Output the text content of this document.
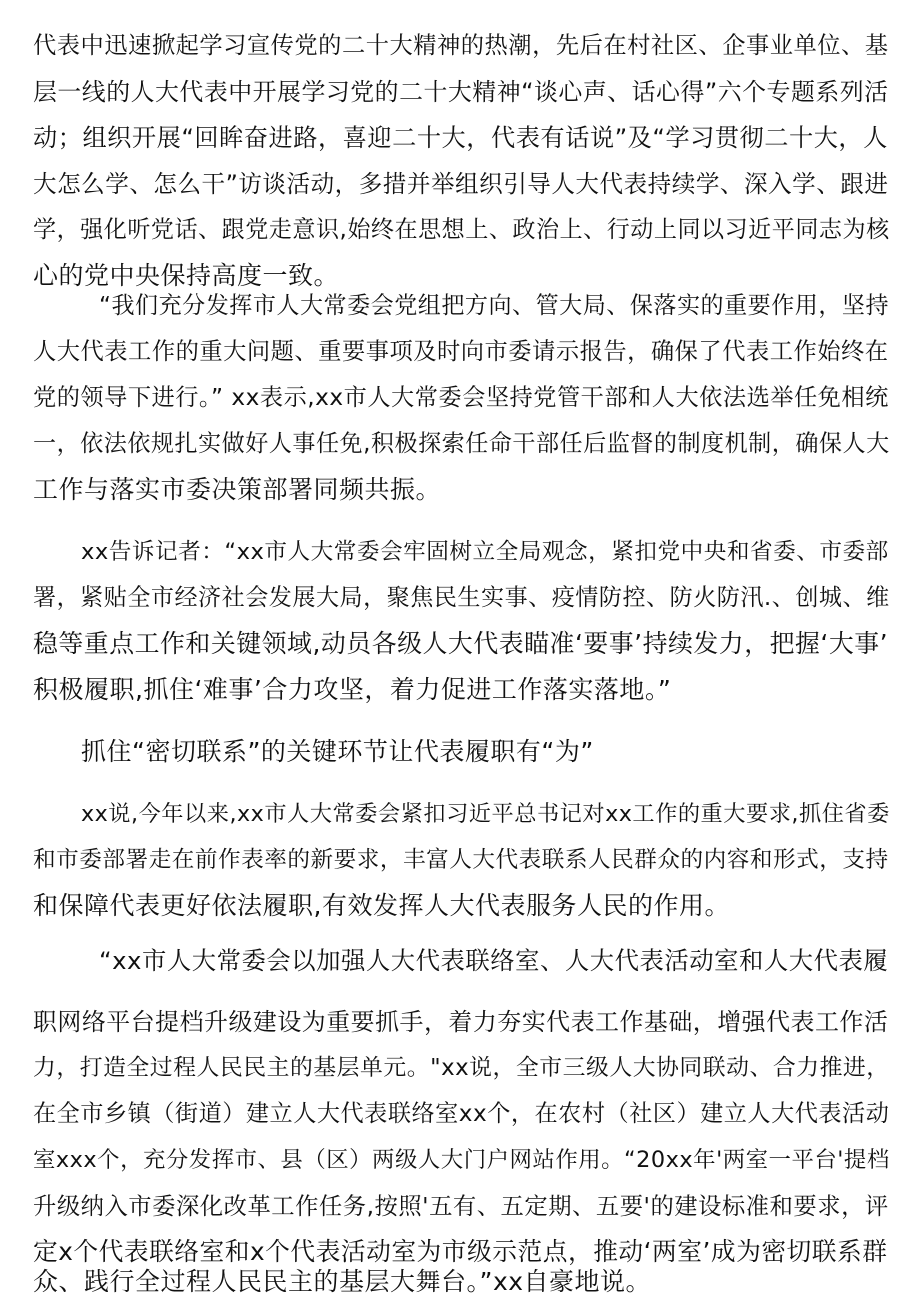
代表中迅速掀起学习宣传党的二十大精神的热潮，先后在村社区、企事业单位、基
层一线的人大代表中开展学习党的二十大精神“谈心声、话心得”六个专题系列活
动；组织开展“回眸奋进路，喜迎二十大，代表有话说”及“学习贯彻二十大，人
大怎么学、怎么干”访谈活动，多措并举组织引导人大代表持续学、深入学、跟进
学，强化听党话、跟党走意识,始终在思想上、政治上、行动上同以习近平同志为核
心的党中央保持高度一致。
“我们充分发挥市人大常委会党组把方向、管大局、保落实的重要作用，坚持
人大代表工作的重大问题、重要事项及时向市委请示报告，确保了代表工作始终在
党的领导下进行。” xx表示,xx市人大常委会坚持党管干部和人大依法选举任免相统
一，依法依规扎实做好人事任免,积极探索任命干部任后监督的制度机制，确保人大
工作与落实市委决策部署同频共振。
xx告诉记者：“xx市人大常委会牢固树立全局观念，紧扣党中央和省委、市委部
署，紧贴全市经济社会发展大局，聚焦民生实事、疫情防控、防火防汛.、创城、维
稳等重点工作和关键领域,动员各级人大代表瞄准‘要事’持续发力，把握‘大事’
积极履职,抓住‘难事’合力攻坚，着力促进工作落实落地。”
抓住“密切联系”的关键环节让代表履职有“为”
xx说,今年以来,xx市人大常委会紧扣习近平总书记对xx工作的重大要求,抓住省委
和市委部署走在前作表率的新要求，丰富人大代表联系人民群众的内容和形式，支持
和保障代表更好依法履职,有效发挥人大代表服务人民的作用。
“xx市人大常委会以加强人大代表联络室、人大代表活动室和人大代表履
职网络平台提档升级建设为重要抓手，着力夯实代表工作基础，增强代表工作活
力，打造全过程人民民主的基层单元。"xx说，全市三级人大协同联动、合力推进，
在全市乡镇（街道）建立人大代表联络室xx个，在农村（社区）建立人大代表活动
室xxx个，充分发挥市、县（区）两级人大门户网站作用。“20xx年'两室一平台'提档
升级纳入市委深化改革工作任务,按照'五有、五定期、五要'的建设标准和要求，评
定x个代表联络室和x个代表活动室为市级示范点，推动‘两室’成为密切联系群
众、践行全过程人民民主的基层大舞台。”xx自豪地说。
